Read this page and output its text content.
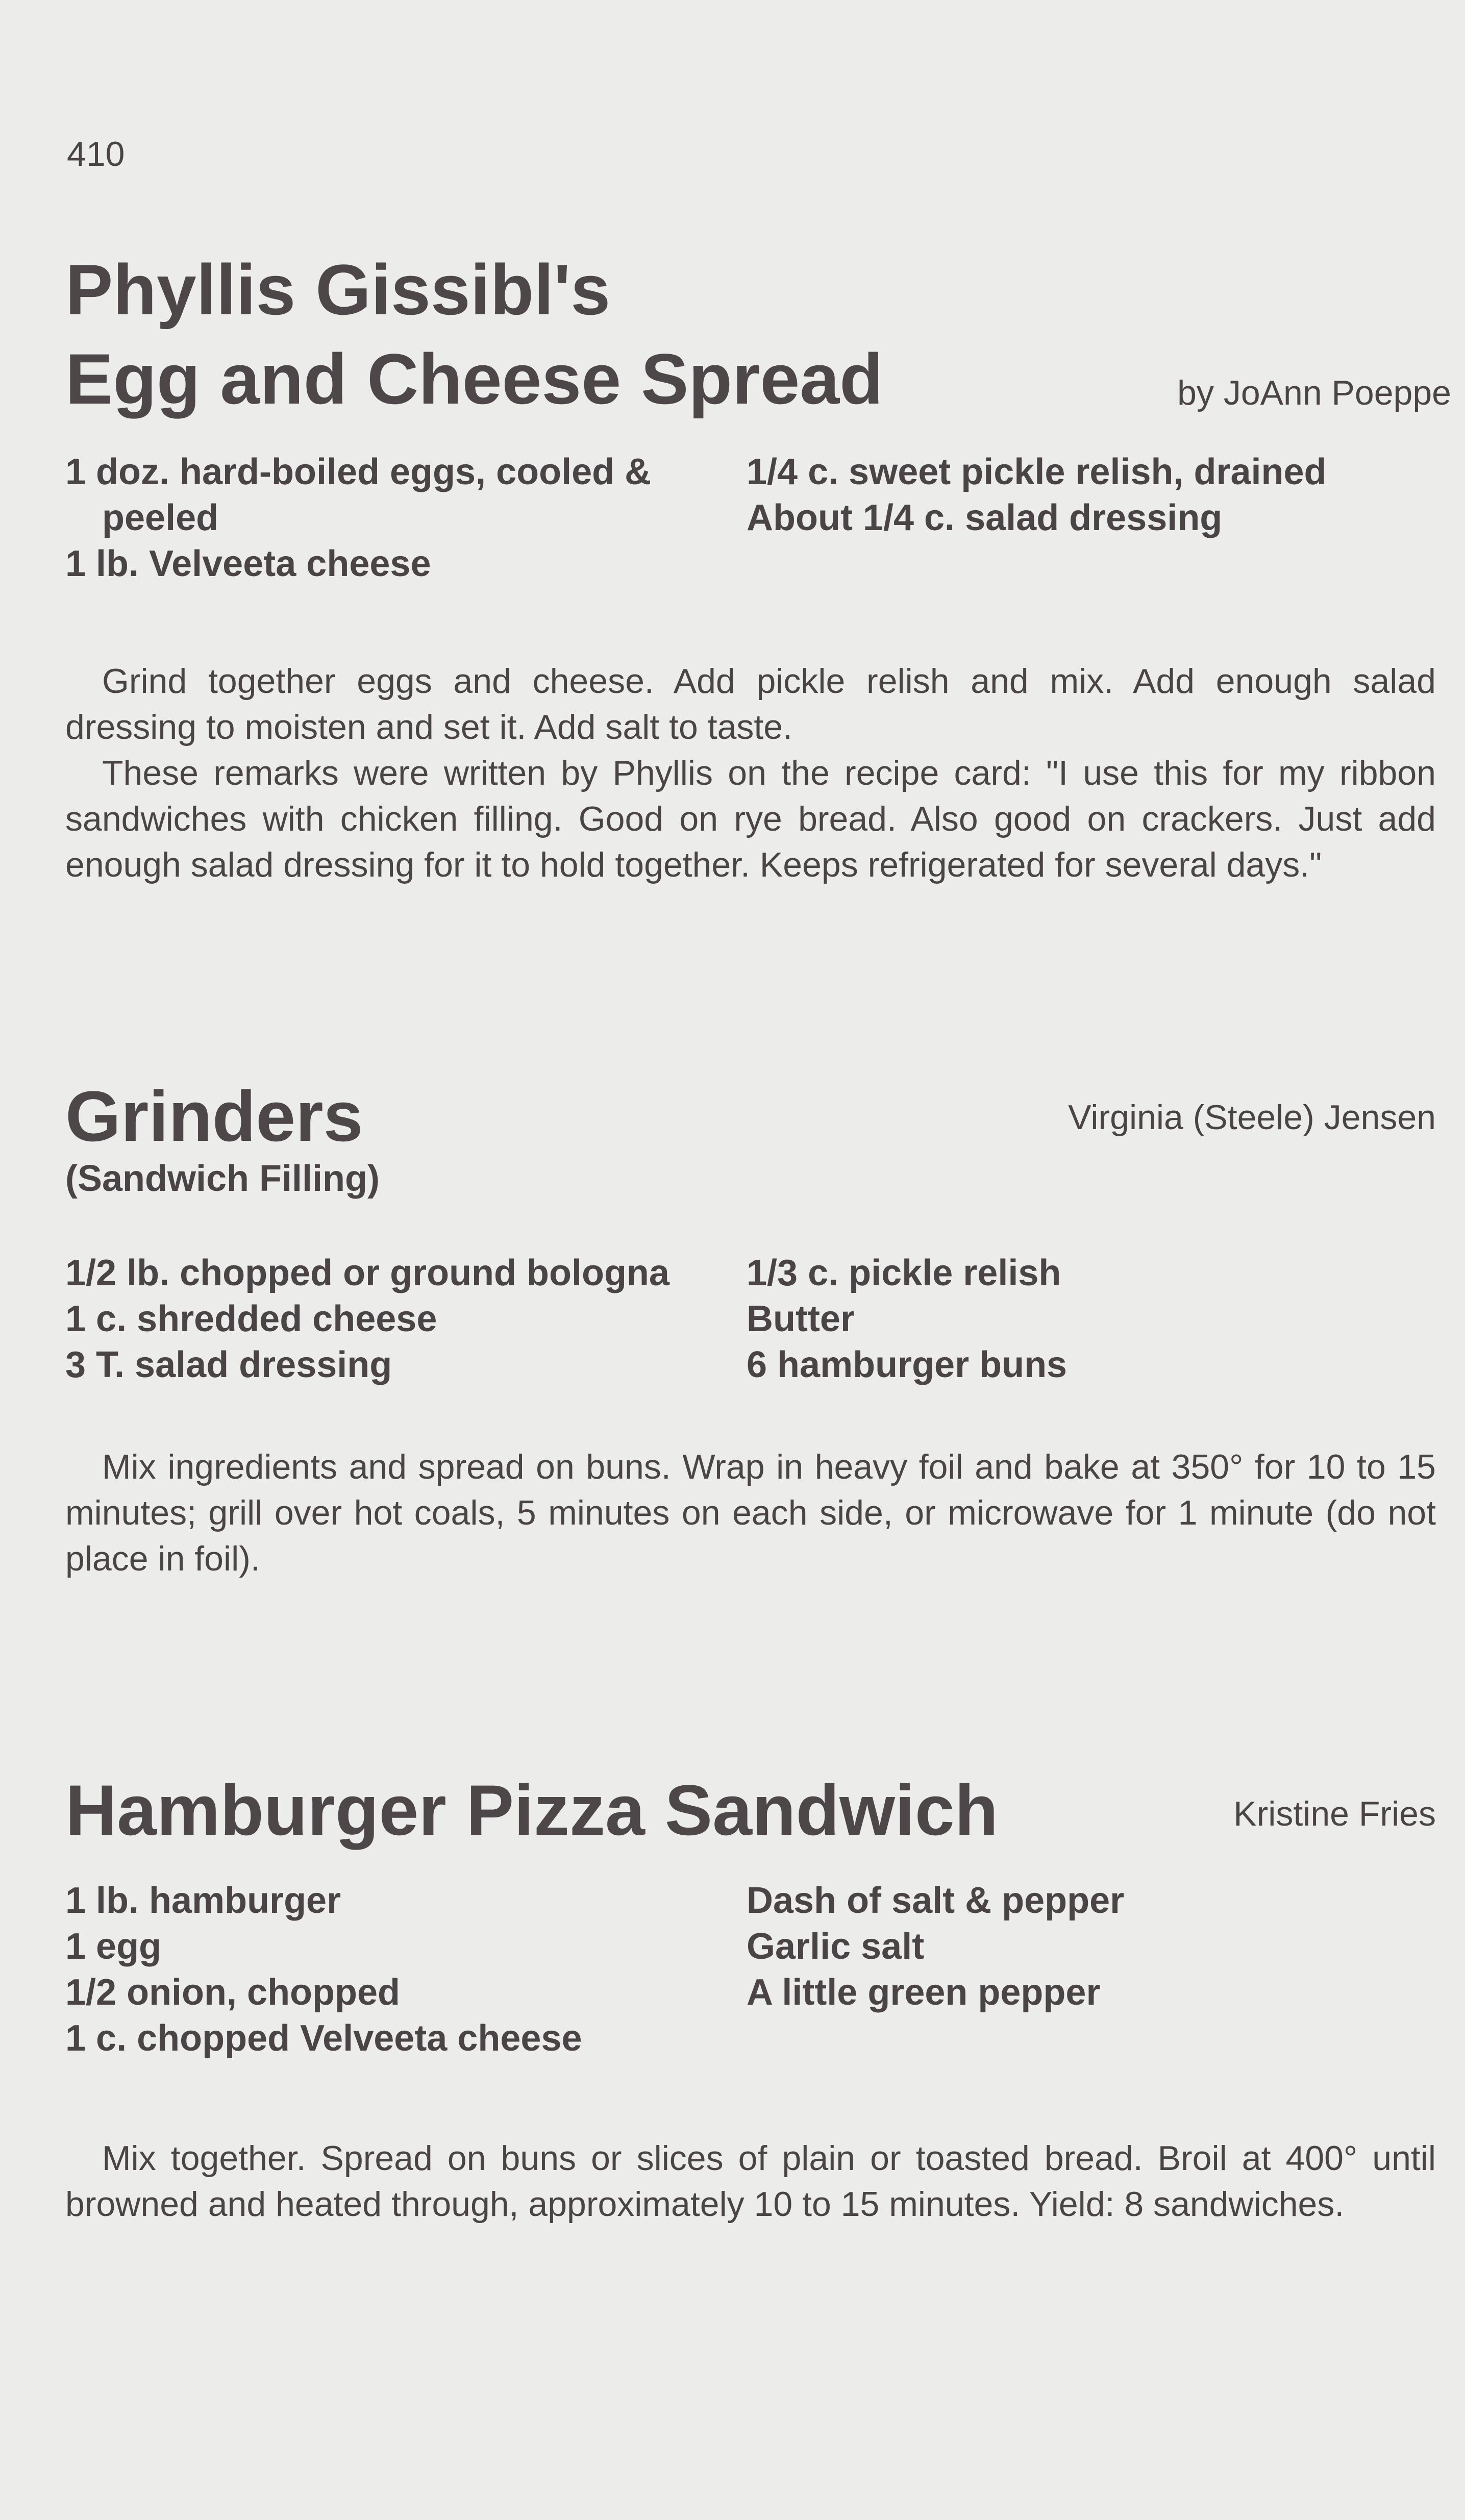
410
Phyllis Gissibl's
Egg and Cheese Spread	by JoAnn Poeppe

1 doz. hard-boiled eggs, cooled & peeled

1 lb. Velveeta cheese

1/4 c. sweet pickle relish, drained

About 1/4 c. salad dressing

Grind together eggs and cheese. Add pickle relish and mix. Add enough salad dressing to moisten and set it. Add salt to taste.

These remarks were written by Phyllis on the recipe card: "I use this for my ribbon sandwiches with chicken filling. Good on rye bread. Also good on crackers. Just add enough salad dressing for it to hold together. Keeps refrigerated for several days."

Grinders	Virginia (Steele) Jensen
(Sandwich Filling)

1/2 lb. chopped or ground bologna

1 c. shredded cheese

3 T. salad dressing

1/3 c. pickle relish

Butter

6 hamburger buns

Mix ingredients and spread on buns. Wrap in heavy foil and bake at 350° for 10 to 15 minutes; grill over hot coals, 5 minutes on each side, or microwave for 1 minute (do not place in foil).

Hamburger Pizza Sandwich	Kristine Fries

1 lb. hamburger

1 egg

1/2 onion, chopped

1 c. chopped Velveeta cheese

Dash of salt & pepper

Garlic salt

A little green pepper

Mix together. Spread on buns or slices of plain or toasted bread. Broil at 400° until browned and heated through, approximately 10 to 15 minutes. Yield: 8 sandwiches.
